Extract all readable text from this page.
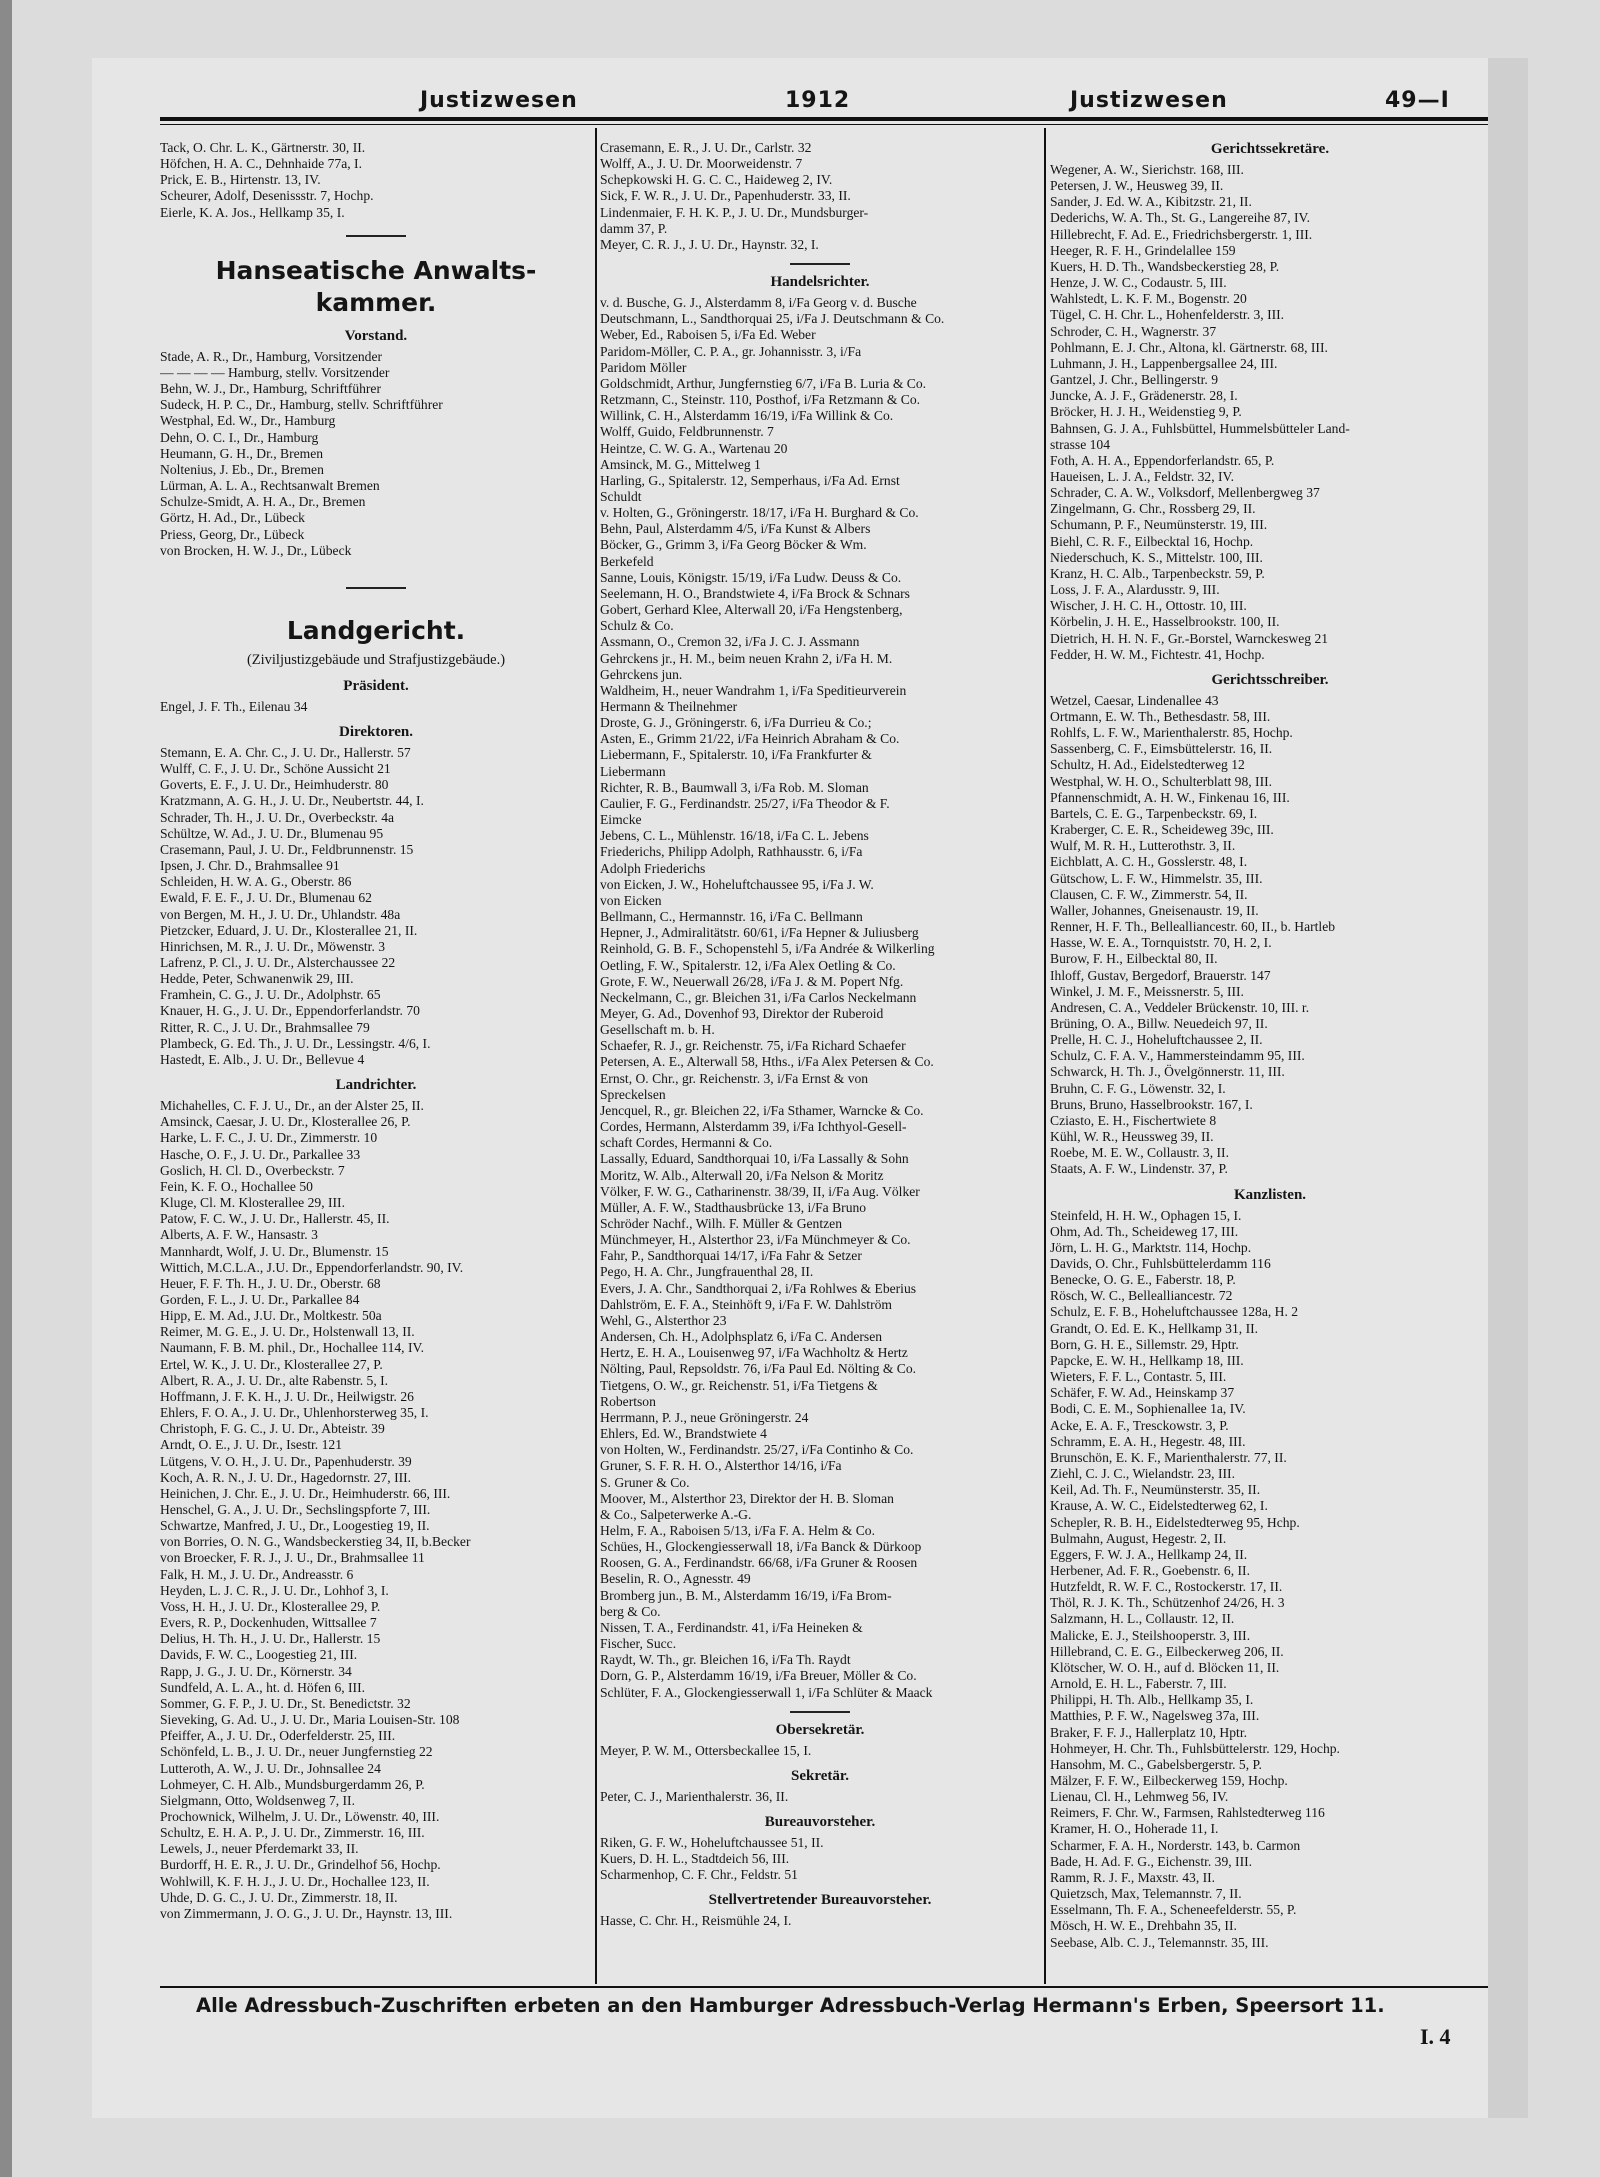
Justizwesen	1912	Justizwesen	49—I

Tack, O. Chr. L. K., Gärtnerstr. 30, II.

Höfchen, H. A. C., Dehnhaide 77a, I.

Prick, E. B., Hirtenstr. 13, IV.

Scheurer, Adolf, Desenissstr. 7, Hochp.

Eierle, K. A. Jos., Hellkamp 35, I.

Hanseatische Anwalts-

kammer.

Vorstand.

Stade, A. R., Dr., Hamburg, Vorsitzender

— — — — Hamburg, stellv. Vorsitzender

Behn, W. J., Dr., Hamburg, Schriftführer

Sudeck, H. P. C., Dr., Hamburg, stellv. Schriftführer

Westphal, Ed. W., Dr., Hamburg

Dehn, O. C. I., Dr., Hamburg

Heumann, G. H., Dr., Bremen

Noltenius, J. Eb., Dr., Bremen

Lürman, A. L. A., Rechtsanwalt Bremen

Schulze-Smidt, A. H. A., Dr., Bremen

Görtz, H. Ad., Dr., Lübeck

Priess, Georg, Dr., Lübeck

von Brocken, H. W. J., Dr., Lübeck

Landgericht.

(Ziviljustizgebäude und Strafjustizgebäude.)

Präsident.

Engel, J. F. Th., Eilenau 34

Direktoren.

Stemann, E. A. Chr. C., J. U. Dr., Hallerstr. 57

Wulff, C. F., J. U. Dr., Schöne Aussicht 21

Goverts, E. F., J. U. Dr., Heimhuderstr. 80

Kratzmann, A. G. H., J. U. Dr., Neubertstr. 44, I.

Schrader, Th. H., J. U. Dr., Overbeckstr. 4a

Schültze, W. Ad., J. U. Dr., Blumenau 95

Crasemann, Paul, J. U. Dr., Feldbrunnenstr. 15

Ipsen, J. Chr. D., Brahmsallee 91

Schleiden, H. W. A. G., Oberstr. 86

Ewald, F. E. F., J. U. Dr., Blumenau 62

von Bergen, M. H., J. U. Dr., Uhlandstr. 48a

Pietzcker, Eduard, J. U. Dr., Klosterallee 21, II.

Hinrichsen, M. R., J. U. Dr., Möwenstr. 3

Lafrenz, P. Cl., J. U. Dr., Alsterchaussee 22

Hedde, Peter, Schwanenwik 29, III.

Framhein, C. G., J. U. Dr., Adolphstr. 65

Knauer, H. G., J. U. Dr., Eppendorferlandstr. 70

Ritter, R. C., J. U. Dr., Brahmsallee 79

Plambeck, G. Ed. Th., J. U. Dr., Lessingstr. 4/6, I.

Hastedt, E. Alb., J. U. Dr., Bellevue 4

Landrichter.

Michahelles, C. F. J. U., Dr., an der Alster 25, II.

Amsinck, Caesar, J. U. Dr., Klosterallee 26, P.

Harke, L. F. C., J. U. Dr., Zimmerstr. 10

Hasche, O. F., J. U. Dr., Parkallee 33

Goslich, H. Cl. D., Overbeckstr. 7

Fein, K. F. O., Hochallee 50

Kluge, Cl. M. Klosterallee 29, III.

Patow, F. C. W., J. U. Dr., Hallerstr. 45, II.

Alberts, A. F. W., Hansastr. 3

Mannhardt, Wolf, J. U. Dr., Blumenstr. 15

Wittich, M.C.L.A., J.U. Dr., Eppendorferlandstr. 90, IV.

Heuer, F. F. Th. H., J. U. Dr., Oberstr. 68

Gorden, F. L., J. U. Dr., Parkallee 84

Hipp, E. M. Ad., J.U. Dr., Moltkestr. 50a

Reimer, M. G. E., J. U. Dr., Holstenwall 13, II.

Naumann, F. B. M. phil., Dr., Hochallee 114, IV.

Ertel, W. K., J. U. Dr., Klosterallee 27, P.

Albert, R. A., J. U. Dr., alte Rabenstr. 5, I.

Hoffmann, J. F. K. H., J. U. Dr., Heilwigstr. 26

Ehlers, F. O. A., J. U. Dr., Uhlenhorsterweg 35, I.

Christoph, F. G. C., J. U. Dr., Abteistr. 39

Arndt, O. E., J. U. Dr., Isestr. 121

Lütgens, V. O. H., J. U. Dr., Papenhuderstr. 39

Koch, A. R. N., J. U. Dr., Hagedornstr. 27, III.

Heinichen, J. Chr. E., J. U. Dr., Heimhuderstr. 66, III.

Henschel, G. A., J. U. Dr., Sechslingspforte 7, III.

Schwartze, Manfred, J. U., Dr., Loogestieg 19, II.

von Borries, O. N. G., Wandsbeckerstieg 34, II, b.Becker

von Broecker, F. R. J., J. U., Dr., Brahmsallee 11

Falk, H. M., J. U. Dr., Andreasstr. 6

Heyden, L. J. C. R., J. U. Dr., Lohhof 3, I.

Voss, H. H., J. U. Dr., Klosterallee 29, P.

Evers, R. P., Dockenhuden, Wittsallee 7

Delius, H. Th. H., J. U. Dr., Hallerstr. 15

Davids, F. W. C., Loogestieg 21, III.

Rapp, J. G., J. U. Dr., Körnerstr. 34

Sundfeld, A. L. A., ht. d. Höfen 6, III.

Sommer, G. F. P., J. U. Dr., St. Benedictstr. 32

Sieveking, G. Ad. U., J. U. Dr., Maria Louisen-Str. 108

Pfeiffer, A., J. U. Dr., Oderfelderstr. 25, III.

Schönfeld, L. B., J. U. Dr., neuer Jungfernstieg 22

Lutteroth, A. W., J. U. Dr., Johnsallee 24

Lohmeyer, C. H. Alb., Mundsburgerdamm 26, P.

Sielgmann, Otto, Woldsenweg 7, II.

Prochownick, Wilhelm, J. U. Dr., Löwenstr. 40, III.

Schultz, E. H. A. P., J. U. Dr., Zimmerstr. 16, III.

Lewels, J., neuer Pferdemarkt 33, II.

Burdorff, H. E. R., J. U. Dr., Grindelhof 56, Hochp.

Wohlwill, K. F. H. J., J. U. Dr., Hochallee 123, II.

Uhde, D. G. C., J. U. Dr., Zimmerstr. 18, II.

von Zimmermann, J. O. G., J. U. Dr., Haynstr. 13, III.

Crasemann, E. R., J. U. Dr., Carlstr. 32

Wolff, A., J. U. Dr. Moorweidenstr. 7

Schepkowski H. G. C. C., Haideweg 2, IV.

Sick, F. W. R., J. U. Dr., Papenhuderstr. 33, II.

Lindenmaier, F. H. K. P., J. U. Dr., Mundsburger-

damm 37, P.

Meyer, C. R. J., J. U. Dr., Haynstr. 32, I.

Handelsrichter.

v. d. Busche, G. J., Alsterdamm 8, i/Fa Georg v. d. Busche

Deutschmann, L., Sandthorquai 25, i/Fa J. Deutschmann & Co.

Weber, Ed., Raboisen 5, i/Fa Ed. Weber

Paridom-Möller, C. P. A., gr. Johannisstr. 3, i/Fa

Paridom Möller

Goldschmidt, Arthur, Jungfernstieg 6/7, i/Fa B. Luria & Co.

Retzmann, C., Steinstr. 110, Posthof, i/Fa Retzmann & Co.

Willink, C. H., Alsterdamm 16/19, i/Fa Willink & Co.

Wolff, Guido, Feldbrunnenstr. 7

Heintze, C. W. G. A., Wartenau 20

Amsinck, M. G., Mittelweg 1

Harling, G., Spitalerstr. 12, Semperhaus, i/Fa Ad. Ernst

Schuldt

v. Holten, G., Gröningerstr. 18/17, i/Fa H. Burghard & Co.

Behn, Paul, Alsterdamm 4/5, i/Fa Kunst & Albers

Böcker, G., Grimm 3, i/Fa Georg Böcker & Wm.

Berkefeld

Sanne, Louis, Königstr. 15/19, i/Fa Ludw. Deuss & Co.

Seelemann, H. O., Brandstwiete 4, i/Fa Brock & Schnars

Gobert, Gerhard Klee, Alterwall 20, i/Fa Hengstenberg,

Schulz & Co.

Assmann, O., Cremon 32, i/Fa J. C. J. Assmann

Gehrckens jr., H. M., beim neuen Krahn 2, i/Fa H. M.

Gehrckens jun.

Waldheim, H., neuer Wandrahm 1, i/Fa Speditieurverein

Hermann & Theilnehmer

Droste, G. J., Gröningerstr. 6, i/Fa Durrieu & Co.;

Asten, E., Grimm 21/22, i/Fa Heinrich Abraham & Co.

Liebermann, F., Spitalerstr. 10, i/Fa Frankfurter &

Liebermann

Richter, R. B., Baumwall 3, i/Fa Rob. M. Sloman

Caulier, F. G., Ferdinandstr. 25/27, i/Fa Theodor & F.

Eimcke

Jebens, C. L., Mühlenstr. 16/18, i/Fa C. L. Jebens

Friederichs, Philipp Adolph, Rathhausstr. 6, i/Fa

Adolph Friederichs

von Eicken, J. W., Hoheluftchaussee 95, i/Fa J. W.

von Eicken

Bellmann, C., Hermannstr. 16, i/Fa C. Bellmann

Hepner, J., Admiralitätstr. 60/61, i/Fa Hepner & Juliusberg

Reinhold, G. B. F., Schopenstehl 5, i/Fa Andrée & Wilkerling

Oetling, F. W., Spitalerstr. 12, i/Fa Alex Oetling & Co.

Grote, F. W., Neuerwall 26/28, i/Fa J. & M. Popert Nfg.

Neckelmann, C., gr. Bleichen 31, i/Fa Carlos Neckelmann

Meyer, G. Ad., Dovenhof 93, Direktor der Ruberoid

Gesellschaft m. b. H.

Schaefer, R. J., gr. Reichenstr. 75, i/Fa Richard Schaefer

Petersen, A. E., Alterwall 58, Hths., i/Fa Alex Petersen & Co.

Ernst, O. Chr., gr. Reichenstr. 3, i/Fa Ernst & von

Spreckelsen

Jencquel, R., gr. Bleichen 22, i/Fa Sthamer, Warncke & Co.

Cordes, Hermann, Alsterdamm 39, i/Fa Ichthyol-Gesell-

schaft Cordes, Hermanni & Co.

Lassally, Eduard, Sandthorquai 10, i/Fa Lassally & Sohn

Moritz, W. Alb., Alterwall 20, i/Fa Nelson & Moritz

Völker, F. W. G., Catharinenstr. 38/39, II, i/Fa Aug. Völker

Müller, A. F. W., Stadthausbrücke 13, i/Fa Bruno

Schröder Nachf., Wilh. F. Müller & Gentzen

Münchmeyer, H., Alsterthor 23, i/Fa Münchmeyer & Co.

Fahr, P., Sandthorquai 14/17, i/Fa Fahr & Setzer

Pego, H. A. Chr., Jungfrauenthal 28, II.

Evers, J. A. Chr., Sandthorquai 2, i/Fa Rohlwes & Eberius

Dahlström, E. F. A., Steinhöft 9, i/Fa F. W. Dahlström

Wehl, G., Alsterthor 23

Andersen, Ch. H., Adolphsplatz 6, i/Fa C. Andersen

Hertz, E. H. A., Louisenweg 97, i/Fa Wachholtz & Hertz

Nölting, Paul, Repsoldstr. 76, i/Fa Paul Ed. Nölting & Co.

Tietgens, O. W., gr. Reichenstr. 51, i/Fa Tietgens &

Robertson

Herrmann, P. J., neue Gröningerstr. 24

Ehlers, Ed. W., Brandstwiete 4

von Holten, W., Ferdinandstr. 25/27, i/Fa Continho & Co.

Gruner, S. F. R. H. O., Alsterthor 14/16, i/Fa

S. Gruner & Co.

Moover, M., Alsterthor 23, Direktor der H. B. Sloman

& Co., Salpeterwerke A.-G.

Helm, F. A., Raboisen 5/13, i/Fa F. A. Helm & Co.

Schües, H., Glockengiesserwall 18, i/Fa Banck & Dürkoop

Roosen, G. A., Ferdinandstr. 66/68, i/Fa Gruner & Roosen

Beselin, R. O., Agnesstr. 49

Bromberg jun., B. M., Alsterdamm 16/19, i/Fa Brom-

berg & Co.

Nissen, T. A., Ferdinandstr. 41, i/Fa Heineken &

Fischer, Succ.

Raydt, W. Th., gr. Bleichen 16, i/Fa Th. Raydt

Dorn, G. P., Alsterdamm 16/19, i/Fa Breuer, Möller & Co.

Schlüter, F. A., Glockengiesserwall 1, i/Fa Schlüter & Maack

Obersekretär.

Meyer, P. W. M., Ottersbeckallee 15, I.

Sekretär.

Peter, C. J., Marienthalerstr. 36, II.

Bureauvorsteher.

Riken, G. F. W., Hoheluftchaussee 51, II.

Kuers, D. H. L., Stadtdeich 56, III.

Scharmenhop, C. F. Chr., Feldstr. 51

Stellvertretender Bureauvorsteher.

Hasse, C. Chr. H., Reismühle 24, I.

Gerichtssekretäre.

Wegener, A. W., Sierichstr. 168, III.

Petersen, J. W., Heusweg 39, II.

Sander, J. Ed. W. A., Kibitzstr. 21, II.

Dederichs, W. A. Th., St. G., Langereihe 87, IV.

Hillebrecht, F. Ad. E., Friedrichsbergerstr. 1, III.

Heeger, R. F. H., Grindelallee 159

Kuers, H. D. Th., Wandsbeckerstieg 28, P.

Henze, J. W. C., Codaustr. 5, III.

Wahlstedt, L. K. F. M., Bogenstr. 20

Tügel, C. H. Chr. L., Hohenfelderstr. 3, III.

Schroder, C. H., Wagnerstr. 37

Pohlmann, E. J. Chr., Altona, kl. Gärtnerstr. 68, III.

Luhmann, J. H., Lappenbergsallee 24, III.

Gantzel, J. Chr., Bellingerstr. 9

Juncke, A. J. F., Grädenerstr. 28, I.

Bröcker, H. J. H., Weidenstieg 9, P.

Bahnsen, G. J. A., Fuhlsbüttel, Hummelsbütteler Land-

strasse 104

Foth, A. H. A., Eppendorferlandstr. 65, P.

Haueisen, L. J. A., Feldstr. 32, IV.

Schrader, C. A. W., Volksdorf, Mellenbergweg 37

Zingelmann, G. Chr., Rossberg 29, II.

Schumann, P. F., Neumünsterstr. 19, III.

Biehl, C. R. F., Eilbecktal 16, Hochp.

Niederschuch, K. S., Mittelstr. 100, III.

Kranz, H. C. Alb., Tarpenbeckstr. 59, P.

Loss, J. F. A., Alardusstr. 9, III.

Wischer, J. H. C. H., Ottostr. 10, III.

Körbelin, J. H. E., Hasselbrookstr. 100, II.

Dietrich, H. H. N. F., Gr.-Borstel, Warnckesweg 21

Fedder, H. W. M., Fichtestr. 41, Hochp.

Gerichtsschreiber.

Wetzel, Caesar, Lindenallee 43

Ortmann, E. W. Th., Bethesdastr. 58, III.

Rohlfs, L. F. W., Marienthalerstr. 85, Hochp.

Sassenberg, C. F., Eimsbüttelerstr. 16, II.

Schultz, H. Ad., Eidelstedterweg 12

Westphal, W. H. O., Schulterblatt 98, III.

Pfannenschmidt, A. H. W., Finkenau 16, III.

Bartels, C. E. G., Tarpenbeckstr. 69, I.

Kraberger, C. E. R., Scheideweg 39c, III.

Wulf, M. R. H., Lutterothstr. 3, II.

Eichblatt, A. C. H., Gosslerstr. 48, I.

Gütschow, L. F. W., Himmelstr. 35, III.

Clausen, C. F. W., Zimmerstr. 54, II.

Waller, Johannes, Gneisenaustr. 19, II.

Renner, H. F. Th., Bellealliancestr. 60, II., b. Hartleb

Hasse, W. E. A., Tornquiststr. 70, H. 2, I.

Burow, F. H., Eilbecktal 80, II.

Ihloff, Gustav, Bergedorf, Brauerstr. 147

Winkel, J. M. F., Meissnerstr. 5, III.

Andresen, C. A., Veddeler Brückenstr. 10, III. r.

Brüning, O. A., Billw. Neuedeich 97, II.

Prelle, H. C. J., Hoheluftchaussee 2, II.

Schulz, C. F. A. V., Hammersteindamm 95, III.

Schwarck, H. Th. J., Övelgönnerstr. 11, III.

Bruhn, C. F. G., Löwenstr. 32, I.

Bruns, Bruno, Hasselbrookstr. 167, I.

Cziasto, E. H., Fischertwiete 8

Kühl, W. R., Heussweg 39, II.

Roebe, M. E. W., Collaustr. 3, II.

Staats, A. F. W., Lindenstr. 37, P.

Kanzlisten.

Steinfeld, H. H. W., Ophagen 15, I.

Ohm, Ad. Th., Scheideweg 17, III.

Jörn, L. H. G., Marktstr. 114, Hochp.

Davids, O. Chr., Fuhlsbüttelerdamm 116

Benecke, O. G. E., Faberstr. 18, P.

Rösch, W. C., Bellealliancestr. 72

Schulz, E. F. B., Hoheluftchaussee 128a, H. 2

Grandt, O. Ed. E. K., Hellkamp 31, II.

Born, G. H. E., Sillemstr. 29, Hptr.

Papcke, E. W. H., Hellkamp 18, III.

Wieters, F. F. L., Contastr. 5, III.

Schäfer, F. W. Ad., Heinskamp 37

Bodi, C. E. M., Sophienallee 1a, IV.

Acke, E. A. F., Tresckowstr. 3, P.

Schramm, E. A. H., Hegestr. 48, III.

Brunschön, E. K. F., Marienthalerstr. 77, II.

Ziehl, C. J. C., Wielandstr. 23, III.

Keil, Ad. Th. F., Neumünsterstr. 35, II.

Krause, A. W. C., Eidelstedterweg 62, I.

Schepler, R. B. H., Eidelstedterweg 95, Hchp.

Bulmahn, August, Hegestr. 2, II.

Eggers, F. W. J. A., Hellkamp 24, II.

Herbener, Ad. F. R., Goebenstr. 6, II.

Hutzfeldt, R. W. F. C., Rostockerstr. 17, II.

Thöl, R. J. K. Th., Schützenhof 24/26, H. 3

Salzmann, H. L., Collaustr. 12, II.

Malicke, E. J., Steilshooperstr. 3, III.

Hillebrand, C. E. G., Eilbeckerweg 206, II.

Klötscher, W. O. H., auf d. Blöcken 11, II.

Arnold, E. H. L., Faberstr. 7, III.

Philippi, H. Th. Alb., Hellkamp 35, I.

Matthies, P. F. W., Nagelsweg 37a, III.

Braker, F. F. J., Hallerplatz 10, Hptr.

Hohmeyer, H. Chr. Th., Fuhlsbüttelerstr. 129, Hochp.

Hansohm, M. C., Gabelsbergerstr. 5, P.

Mälzer, F. F. W., Eilbeckerweg 159, Hochp.

Lienau, Cl. H., Lehmweg 56, IV.

Reimers, F. Chr. W., Farmsen, Rahlstedterweg 116

Kramer, H. O., Hoherade 11, I.

Scharmer, F. A. H., Norderstr. 143, b. Carmon

Bade, H. Ad. F. G., Eichenstr. 39, III.

Ramm, R. J. F., Maxstr. 43, II.

Quietzsch, Max, Telemannstr. 7, II.

Esselmann, Th. F. A., Scheneefelderstr. 55, P.

Mösch, H. W. E., Drehbahn 35, II.

Seebase, Alb. C. J., Telemannstr. 35, III.

Alle Adressbuch-Zuschriften erbeten an den Hamburger Adressbuch-Verlag Hermann's Erben, Speersort 11.
I. 4
